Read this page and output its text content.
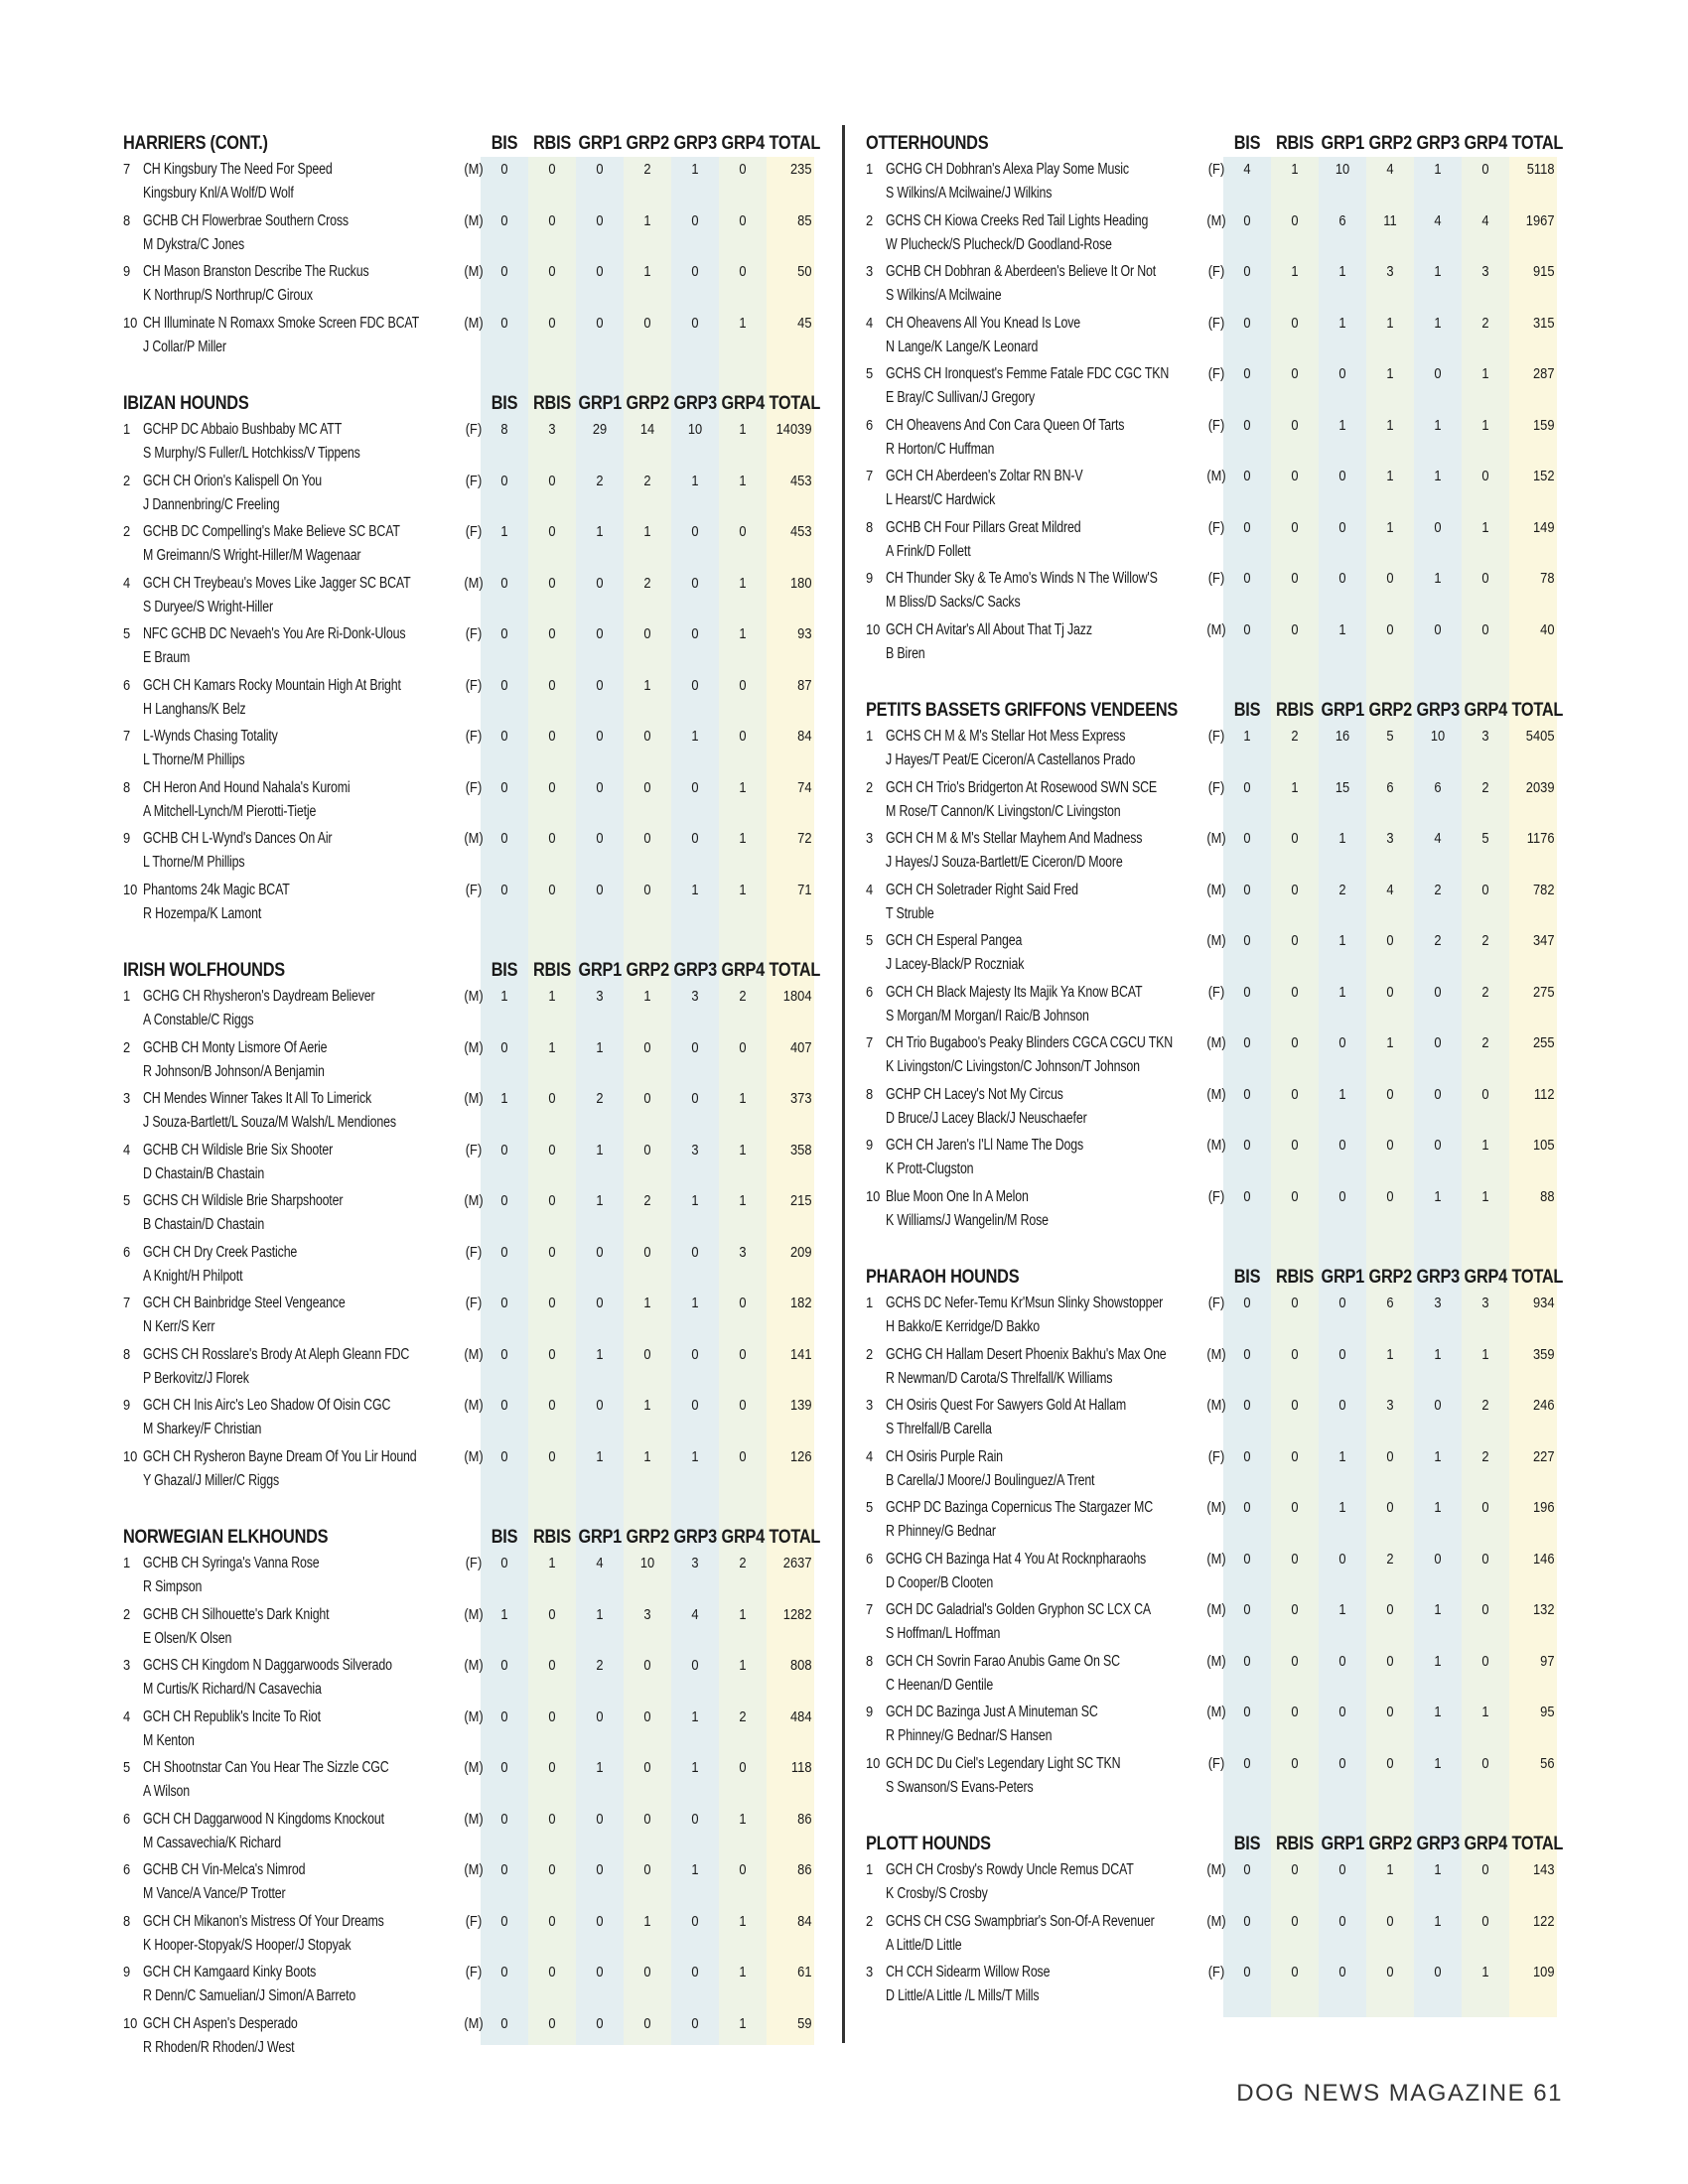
HARRIERS (CONT.)	BIS RBIS GRP1 GRP2 GRP3 GRP4 TOTAL
7 CH Kingsbury The Need For Speed
Kingsbury Knl/A Wolf/D Wolf
(M)	0	0	0	2	1	0	235
8 GCHB CH Flowerbrae Southern Cross
M Dykstra/C Jones
(M)	0	0	0	1	0	0	85
9 CH Mason Branston Describe The Ruckus
K Northrup/S Northrup/C Giroux
(M)	0	0	0	1	0	0	50
10 CH Illuminate N Romaxx Smoke Screen FDC BCAT
J Collar/P Miller
(M)	0	0	0	0	0	1	45
IBIZAN HOUNDS	BIS RBIS GRP1 GRP2 GRP3 GRP4 TOTAL
1 GCHP DC Abbaio Bushbaby MC ATT
S Murphy/S Fuller/L Hotchkiss/V Tippens
(F)	8	3	29	14	10	1	14039
2 GCH CH Orion's Kalispell On You
J Dannenbring/C Freeling
(F)	0	0	2	2	1	1	453
2 GCHB DC Compelling's Make Believe SC BCAT
M Greimann/S Wright-Hiller/M Wagenaar
(F)	1	0	1	1	0	0	453
4 GCH CH Treybeau's Moves Like Jagger SC BCAT
S Duryee/S Wright-Hiller
(M)	0	0	0	2	0	1	180
5 NFC GCHB DC Nevaeh's You Are Ri-Donk-Ulous
E Braum
(F)	0	0	0	0	0	1	93
6 GCH CH Kamars Rocky Mountain High At Bright
H Langhans/K Belz
(F)	0	0	0	1	0	0	87
7 L-Wynds Chasing Totality
L Thorne/M Phillips
(F)	0	0	0	0	1	0	84
8 CH Heron And Hound Nahala's Kuromi
A Mitchell-Lynch/M Pierotti-Tietje
(F)	0	0	0	0	0	1	74
9 GCHB CH L-Wynd's Dances On Air
L Thorne/M Phillips
(M)	0	0	0	0	0	1	72
10 Phantoms 24k Magic BCAT
R Hozempa/K Lamont
(F)	0	0	0	0	1	1	71
IRISH WOLFHOUNDS	BIS RBIS GRP1 GRP2 GRP3 GRP4 TOTAL
1 GCHG CH Rhysheron's Daydream Believer
A Constable/C Riggs
(M)	1	1	3	1	3	2	1804
2 GCHB CH Monty Lismore Of Aerie
R Johnson/B Johnson/A Benjamin
(M)	0	1	1	0	0	0	407
3 CH Mendes Winner Takes It All To Limerick
J Souza-Bartlett/L Souza/M Walsh/L Mendiones
(M)	1	0	2	0	0	1	373
4 GCHB CH Wildisle Brie Six Shooter
D Chastain/B Chastain
(F)	0	0	1	0	3	1	358
5 GCHS CH Wildisle Brie Sharpshooter
B Chastain/D Chastain
(M)	0	0	1	2	1	1	215
6 GCH CH Dry Creek Pastiche
A Knight/H Philpott
(F)	0	0	0	0	0	3	209
7 GCH CH Bainbridge Steel Vengeance
N Kerr/S Kerr
(F)	0	0	0	1	1	0	182
8 GCHS CH Rosslare's Brody At Aleph Gleann FDC
P Berkovitz/J Florek
(M)	0	0	1	0	0	0	141
9 GCH CH Inis Airc's Leo Shadow Of Oisin CGC
M Sharkey/F Christian
(M)	0	0	0	1	0	0	139
10 GCH CH Rysheron Bayne Dream Of You Lir Hound
Y Ghazal/J Miller/C Riggs
(M)	0	0	1	1	1	0	126
NORWEGIAN ELKHOUNDS	BIS RBIS GRP1 GRP2 GRP3 GRP4 TOTAL
1 GCHB CH Syringa's Vanna Rose
R Simpson
(F)	0	1	4	10	3	2	2637
2 GCHB CH Silhouette's Dark Knight
E Olsen/K Olsen
(M)	1	0	1	3	4	1	1282
3 GCHS CH Kingdom N Daggarwoods Silverado
M Curtis/K Richard/N Casavechia
(M)	0	0	2	0	0	1	808
4 GCH CH Republik's Incite To Riot
M Kenton
(M)	0	0	0	0	1	2	484
5 CH Shootnstar Can You Hear The Sizzle CGC
A Wilson
(M)	0	0	1	0	1	0	118
6 GCH CH Daggarwood N Kingdoms Knockout
M Cassavechia/K Richard
(M)	0	0	0	0	0	1	86
6 GCHB CH Vin-Melca's Nimrod
M Vance/A Vance/P Trotter
(M)	0	0	0	0	1	0	86
8 GCH CH Mikanon's Mistress Of Your Dreams
K Hooper-Stopyak/S Hooper/J Stopyak
(F)	0	0	0	1	0	1	84
9 GCH CH Kamgaard Kinky Boots
R Denn/C Samuelian/J Simon/A Barreto
(F)	0	0	0	0	0	1	61
10 GCH CH Aspen's Desperado
R Rhoden/R Rhoden/J West
(M)	0	0	0	0	0	1	59
OTTERHOUNDS	BIS RBIS GRP1 GRP2 GRP3 GRP4 TOTAL
1 GCHG CH Dobhran's Alexa Play Some Music
S Wilkins/A Mcilwaine/J Wilkins
(F)	4	1	10	4	1	0	5118
2 GCHS CH Kiowa Creeks Red Tail Lights Heading
W Plucheck/S Plucheck/D Goodland-Rose
(M)	0	0	6	11	4	4	1967
3 GCHB CH Dobhran & Aberdeen's Believe It Or Not
S Wilkins/A Mcilwaine
(F)	0	1	1	3	1	3	915
4 CH Oheavens All You Knead Is Love
N Lange/K Lange/K Leonard
(F)	0	0	1	1	1	2	315
5 GCHS CH Ironquest's Femme Fatale FDC CGC TKN
E Bray/C Sullivan/J Gregory
(F)	0	0	0	1	0	1	287
6 CH Oheavens And Con Cara Queen Of Tarts
R Horton/C Huffman
(F)	0	0	1	1	1	1	159
7 GCH CH Aberdeen's Zoltar RN BN-V
L Hearst/C Hardwick
(M)	0	0	0	1	1	0	152
8 GCHB CH Four Pillars Great Mildred
A Frink/D Follett
(F)	0	0	0	1	0	1	149
9 CH Thunder Sky & Te Amo's Winds N The Willow'S
M Bliss/D Sacks/C Sacks
(F)	0	0	0	0	1	0	78
10 GCH CH Avitar's All About That Tj Jazz
B Biren
(M)	0	0	1	0	0	0	40
PETITS BASSETS GRIFFONS VENDEENS	BIS RBIS GRP1 GRP2 GRP3 GRP4 TOTAL
1 GCHS CH M & M's Stellar Hot Mess Express
J Hayes/T Peat/E Ciceron/A Castellanos Prado
(F)	1	2	16	5	10	3	5405
2 GCH CH Trio's Bridgerton At Rosewood SWN SCE
M Rose/T Cannon/K Livingston/C Livingston
(F)	0	1	15	6	6	2	2039
3 GCH CH M & M's Stellar Mayhem And Madness
J Hayes/J Souza-Bartlett/E Ciceron/D Moore
(M)	0	0	1	3	4	5	1176
4 GCH CH Soletrader Right Said Fred
T Struble
(M)	0	0	2	4	2	0	782
5 GCH CH Esperal Pangea
J Lacey-Black/P Roczniak
(M)	0	0	1	0	2	2	347
6 GCH CH Black Majesty Its Majik Ya Know BCAT
S Morgan/M Morgan/I Raic/B Johnson
(F)	0	0	1	0	0	2	275
7 CH Trio Bugaboo's Peaky Blinders CGCA CGCU TKN
K Livingston/C Livingston/C Johnson/T Johnson
(M)	0	0	0	1	0	2	255
8 GCHP CH Lacey's Not My Circus
D Bruce/J Lacey Black/J Neuschaefer
(M)	0	0	1	0	0	0	112
9 GCH CH Jaren's I'Ll Name The Dogs
K Prott-Clugston
(M)	0	0	0	0	0	1	105
10 Blue Moon One In A Melon
K Williams/J Wangelin/M Rose
(F)	0	0	0	0	1	1	88
PHARAOH HOUNDS	BIS RBIS GRP1 GRP2 GRP3 GRP4 TOTAL
1 GCHS DC Nefer-Temu Kr'Msun Slinky Showstopper
H Bakko/E Kerridge/D Bakko
(F)	0	0	0	6	3	3	934
2 GCHG CH Hallam Desert Phoenix Bakhu's Max One
R Newman/D Carota/S Threlfall/K Williams
(M)	0	0	0	1	1	1	359
3 CH Osiris Quest For Sawyers Gold At Hallam
S Threlfall/B Carella
(M)	0	0	0	3	0	2	246
4 CH Osiris Purple Rain
B Carella/J Moore/J Boulinguez/A Trent
(F)	0	0	1	0	1	2	227
5 GCHP DC Bazinga Copernicus The Stargazer MC
R Phinney/G Bednar
(M)	0	0	1	0	1	0	196
6 GCHG CH Bazinga Hat 4 You At Rocknpharaohs
D Cooper/B Clooten
(M)	0	0	0	2	0	0	146
7 GCH DC Galadrial's Golden Gryphon SC LCX CA
S Hoffman/L Hoffman
(M)	0	0	1	0	1	0	132
8 GCH CH Sovrin Farao Anubis Game On SC
C Heenan/D Gentile
(M)	0	0	0	0	1	0	97
9 GCH DC Bazinga Just A Minuteman SC
R Phinney/G Bednar/S Hansen
(M)	0	0	0	0	1	1	95
10 GCH DC Du Ciel's Legendary Light SC TKN
S Swanson/S Evans-Peters
(F)	0	0	0	0	1	0	56
PLOTT HOUNDS	BIS RBIS GRP1 GRP2 GRP3 GRP4 TOTAL
1 GCH CH Crosby's Rowdy Uncle Remus DCAT
K Crosby/S Crosby
(M)	0	0	0	1	1	0	143
2 GCHS CH CSG Swampbriar's Son-Of-A Revenuer
A Little/D Little
(M)	0	0	0	0	1	0	122
3 CH CCH Sidearm Willow Rose
D Little/A Little /L Mills/T Mills
(F)	0	0	0	0	0	1	109
DOG NEWS MAGAZINE 61
